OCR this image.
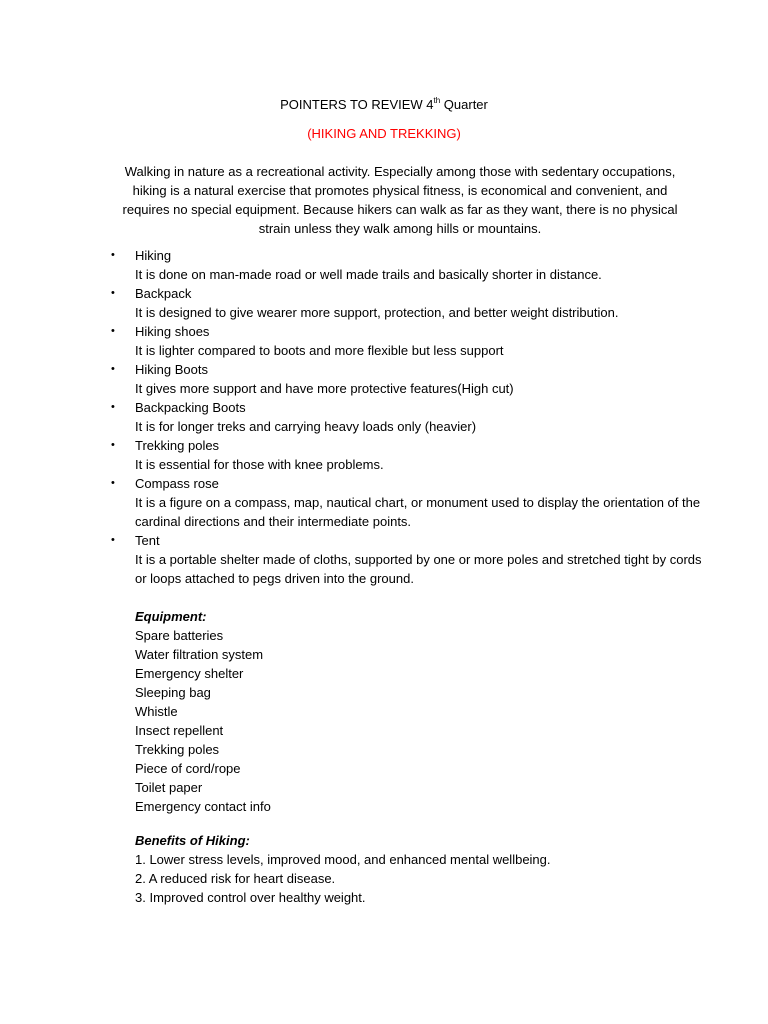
POINTERS TO REVIEW 4th Quarter
(HIKING AND TREKKING)
Walking in nature as a recreational activity. Especially among those with sedentary occupations, hiking is a natural exercise that promotes physical fitness, is economical and convenient, and requires no special equipment. Because hikers can walk as far as they want, there is no physical strain unless they walk among hills or mountains.
• Hiking
It is done on man-made road or well made trails and basically shorter in distance.
• Backpack
It is designed to give wearer more support, protection, and better weight distribution.
• Hiking shoes
It is lighter compared to boots and more flexible but less support
• Hiking Boots
It gives more support and have more protective features(High cut)
• Backpacking Boots
It is for longer treks and carrying heavy loads only (heavier)
• Trekking poles
It is essential for those with knee problems.
• Compass rose
It is a figure on a compass, map, nautical chart, or monument used to display the orientation of the cardinal directions and their intermediate points.
• Tent
It is a portable shelter made of cloths, supported by one or more poles and stretched tight by cords or loops attached to pegs driven into the ground.
Equipment:
Spare batteries
Water filtration system
Emergency shelter
Sleeping bag
Whistle
Insect repellent
Trekking poles
Piece of cord/rope
Toilet paper
Emergency contact info
Benefits of Hiking:
1. Lower stress levels, improved mood, and enhanced mental wellbeing.
2. A reduced risk for heart disease.
3. Improved control over healthy weight.
